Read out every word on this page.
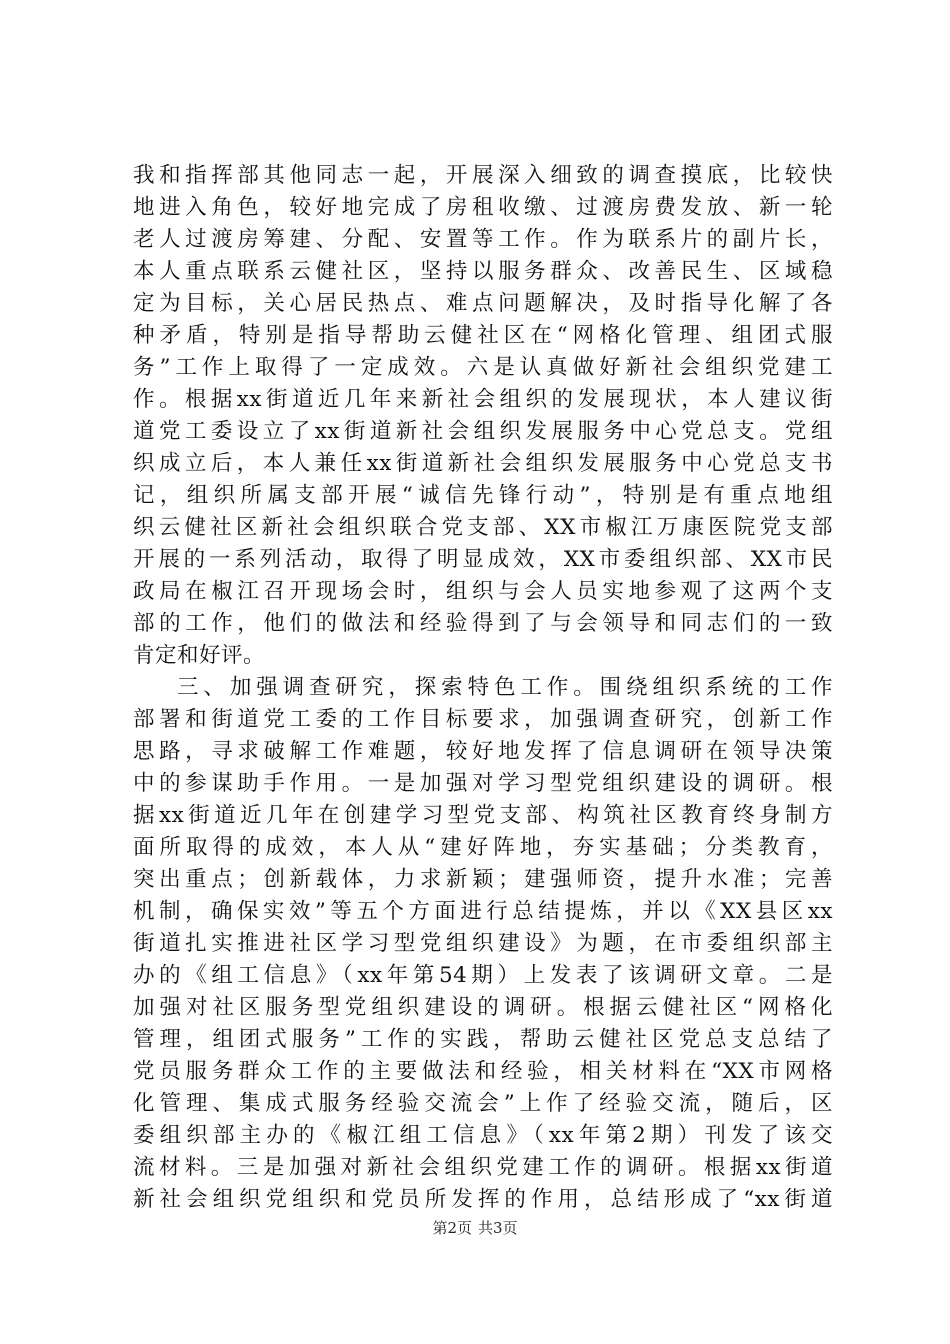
我和指挥部其他同志一起，开展深入细致的调查摸底，比较快
地进入角色，较好地完成了房租收缴、过渡房费发放、新一轮
老人过渡房筹建、分配、安置等工作。作为联系片的副片长，
本人重点联系云健社区，坚持以服务群众、改善民生、区域稳
定为目标，关心居民热点、难点问题解决，及时指导化解了各
种矛盾，特别是指导帮助云健社区在“网格化管理、组团式服
务”工作上取得了一定成效。六是认真做好新社会组织党建工
作。根据xx街道近几年来新社会组织的发展现状，本人建议街
道党工委设立了xx街道新社会组织发展服务中心党总支。党组
织成立后，本人兼任xx街道新社会组织发展服务中心党总支书
记，组织所属支部开展“诚信先锋行动”，特别是有重点地组
织云健社区新社会组织联合党支部、XX市椒江万康医院党支部
开展的一系列活动，取得了明显成效，XX市委组织部、XX市民
政局在椒江召开现场会时，组织与会人员实地参观了这两个支
部的工作，他们的做法和经验得到了与会领导和同志们的一致
肯定和好评。
三、加强调查研究，探索特色工作。围绕组织系统的工作
部署和街道党工委的工作目标要求，加强调查研究，创新工作
思路，寻求破解工作难题，较好地发挥了信息调研在领导决策
中的参谋助手作用。一是加强对学习型党组织建设的调研。根
据xx街道近几年在创建学习型党支部、构筑社区教育终身制方
面所取得的成效，本人从“建好阵地，夯实基础；分类教育，
突出重点；创新载体，力求新颖；建强师资，提升水准；完善
机制，确保实效”等五个方面进行总结提炼，并以《XX县区xx
街道扎实推进社区学习型党组织建设》为题，在市委组织部主
办的《组工信息》（xx年第54期）上发表了该调研文章。二是
加强对社区服务型党组织建设的调研。根据云健社区“网格化
管理，组团式服务”工作的实践，帮助云健社区党总支总结了
党员服务群众工作的主要做法和经验，相关材料在“XX市网格
化管理、集成式服务经验交流会”上作了经验交流，随后，区
委组织部主办的《椒江组工信息》（xx年第2期）刊发了该交
流材料。三是加强对新社会组织党建工作的调研。根据xx街道
新社会组织党组织和党员所发挥的作用，总结形成了“xx街道
第2页 共3页
